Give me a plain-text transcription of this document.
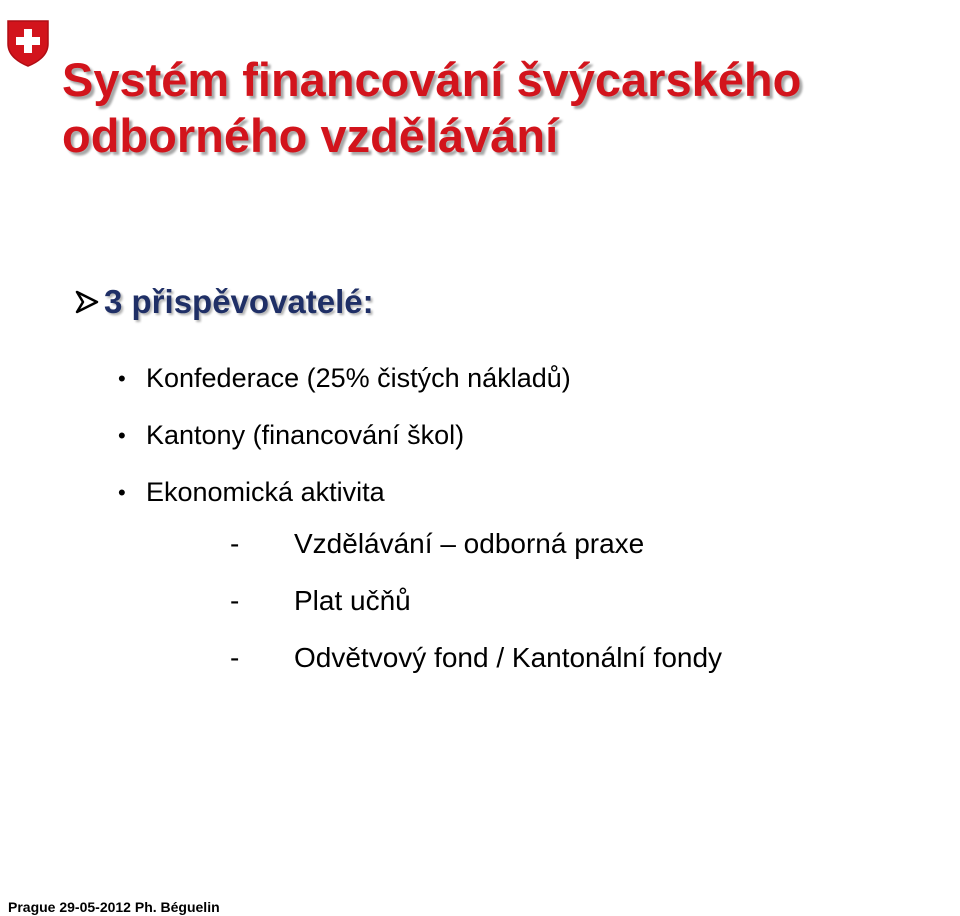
Systém financování švýcarského
odborného vzdělávání
3 přispěvovatelé:
• Konfederace (25% čistých nákladů)
• Kantony (financování škol)
• Ekonomická aktivita
-	Vzdělávání – odborná praxe
-	Plat učňů
-	Odvětvový fond / Kantonální fondy
Prague 29-05-2012 Ph. Béguelin
